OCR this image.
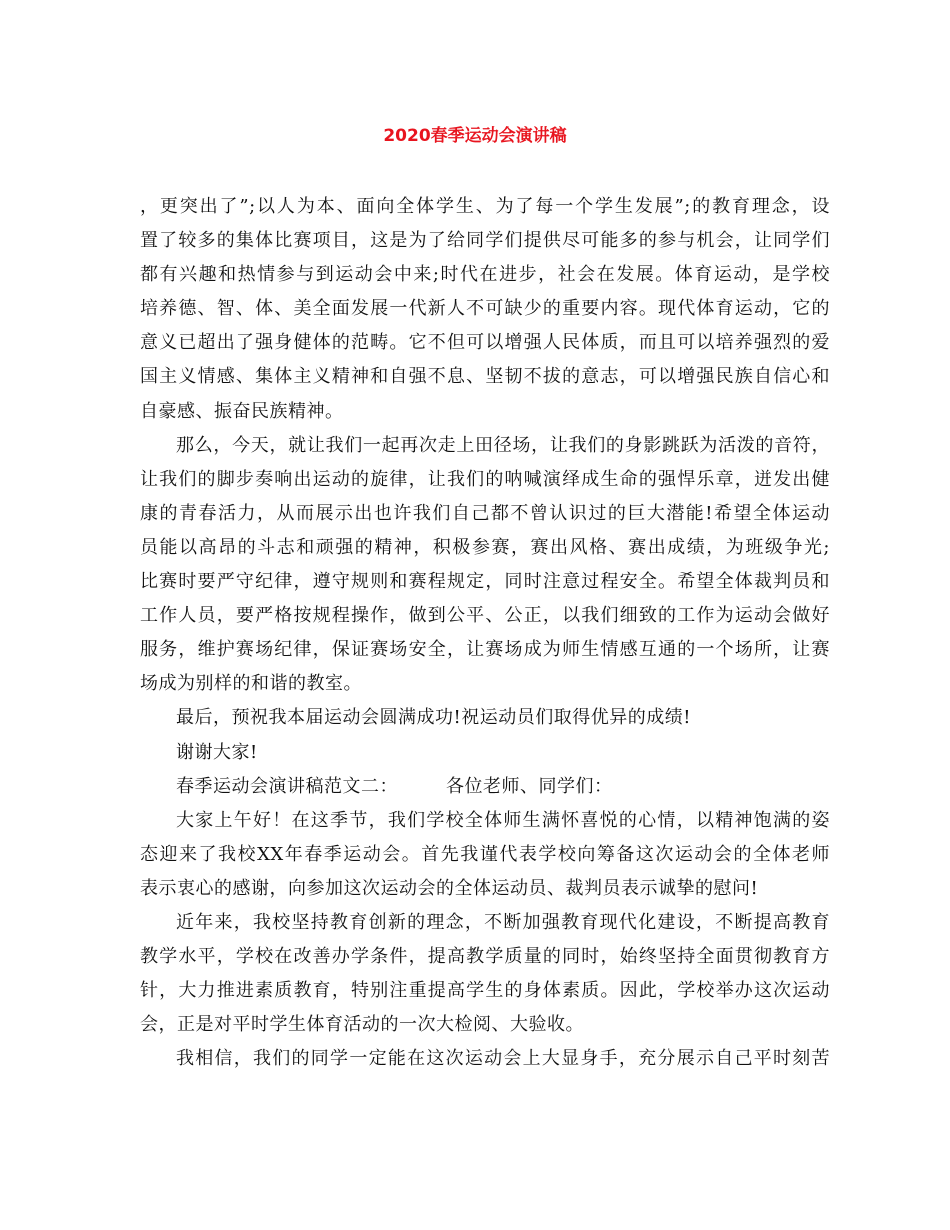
2020春季运动会演讲稿
，更突出了”;以人为本、面向全体学生、为了每一个学生发展”;的教育理念，设
置了较多的集体比赛项目，这是为了给同学们提供尽可能多的参与机会，让同学们
都有兴趣和热情参与到运动会中来;时代在进步，社会在发展。体育运动，是学校
培养德、智、体、美全面发展一代新人不可缺少的重要内容。现代体育运动，它的
意义已超出了强身健体的范畴。它不但可以增强人民体质，而且可以培养强烈的爱
国主义情感、集体主义精神和自强不息、坚韧不拔的意志，可以增强民族自信心和
自豪感、振奋民族精神。
那么，今天，就让我们一起再次走上田径场，让我们的身影跳跃为活泼的音符，
让我们的脚步奏响出运动的旋律，让我们的呐喊演绎成生命的强悍乐章，迸发出健
康的青春活力，从而展示出也许我们自己都不曾认识过的巨大潜能!希望全体运动
员能以高昂的斗志和顽强的精神，积极参赛，赛出风格、赛出成绩，为班级争光;
比赛时要严守纪律，遵守规则和赛程规定，同时注意过程安全。希望全体裁判员和
工作人员，要严格按规程操作，做到公平、公正，以我们细致的工作为运动会做好
服务，维护赛场纪律，保证赛场安全，让赛场成为师生情感互通的一个场所，让赛
场成为别样的和谐的教室。
最后，预祝我本届运动会圆满成功!祝运动员们取得优异的成绩!
谢谢大家!
春季运动会演讲稿范文二：	各位老师、同学们：
大家上午好！在这季节，我们学校全体师生满怀喜悦的心情，以精神饱满的姿
态迎来了我校XX年春季运动会。首先我谨代表学校向筹备这次运动会的全体老师
表示衷心的感谢，向参加这次运动会的全体运动员、裁判员表示诚挚的慰问!
近年来，我校坚持教育创新的理念，不断加强教育现代化建设，不断提高教育
教学水平，学校在改善办学条件，提高教学质量的同时，始终坚持全面贯彻教育方
针，大力推进素质教育，特别注重提高学生的身体素质。因此，学校举办这次运动
会，正是对平时学生体育活动的一次大检阅、大验收。
我相信，我们的同学一定能在这次运动会上大显身手，充分展示自己平时刻苦
